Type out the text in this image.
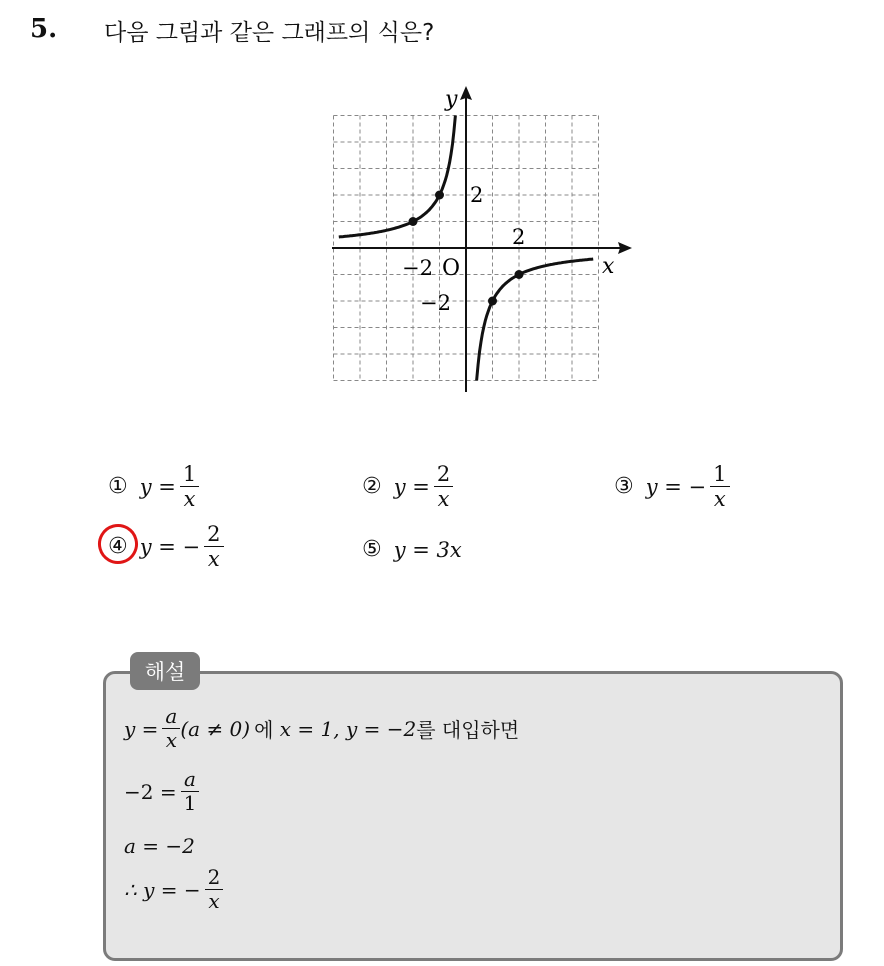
5. 다음 그림과 같은 그래프의 식은?
y
x
O
2
2
−2
−2
① $y = \frac{1}{x}$	② $y = \frac{2}{x}$	③ y = − $\frac{1}{x}$
④ y = − $\frac{2}{x}$	⑤ y = 3x
해설
$y = \frac{a}{x} (a \ne 0)$ 에 x = 1, y = −2 를 대입하면
$-2 = \frac{a}{1}$
a = −2
∴ y = − $\frac{2}{x}$
